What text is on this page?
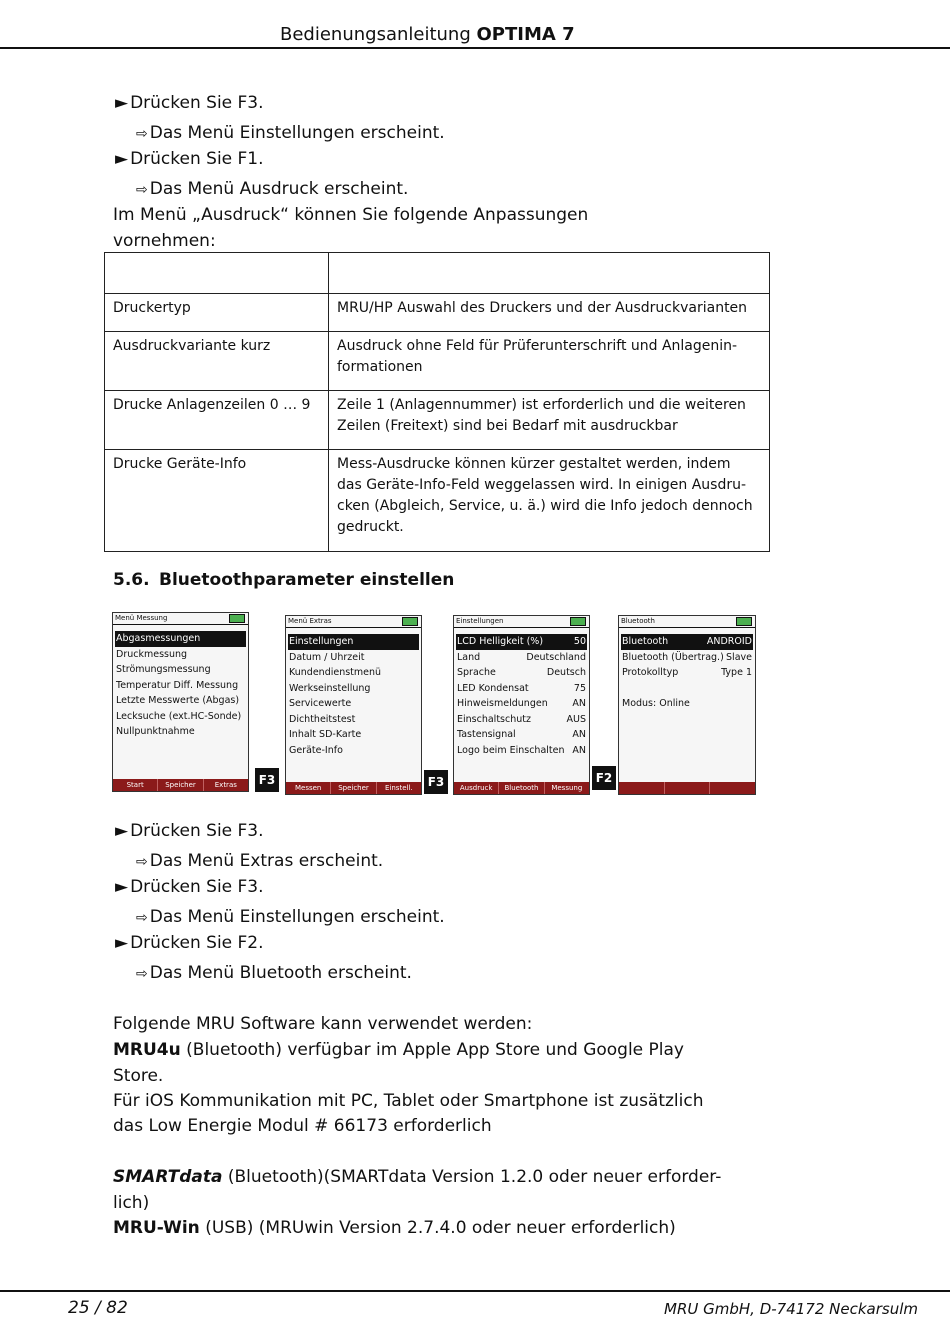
Bedienungsanleitung OPTIMA 7
► Drücken Sie F3.
⇨ Das Menü Einstellungen erscheint.
► Drücken Sie F1.
⇨ Das Menü Ausdruck erscheint.
Im Menü „Ausdruck“ können Sie folgende Anpassungen
vornehmen:

Druckertyp	MRU/HP Auswahl des Druckers und der Ausdruckvarianten

Ausdruckvariante kurz	Ausdruck ohne Feld für Prüferunterschrift und Anlagenin-
formationen

Drucke Anlagenzeilen 0 … 9	Zeile 1 (Anlagennummer) ist erforderlich und die weiteren
Zeilen (Freitext) sind bei Bedarf mit ausdruckbar

Drucke Geräte-Info	Mess-Ausdrucke können kürzer gestaltet werden, indem
das Geräte-Info-Feld weggelassen wird. In einigen Ausdru-
cken (Abgleich, Service, u. ä.) wird die Info jedoch dennoch
gedruckt.
5.6. Bluetoothparameter einstellen
Menü Messung
Abgasmessungen
Druckmessung
Strömungsmessung
Temperatur Diff. Messung
Letzte Messwerte (Abgas)
Lecksuche (ext.HC-Sonde)
Nullpunktnahme
Start	Speicher	Extras	F3
Menü Extras
Einstellungen
Datum / Uhrzeit
Kundendienstmenü
Werkseinstellung
Servicewerte
Dichtheitstest
Inhalt SD-Karte
Geräte-Info
Messen	Speicher	Einstell.	F3
Einstellungen
LCD Helligkeit (%)	50
Land	Deutschland
Sprache	Deutsch
LED Kondensat	75
Hinweismeldungen	AN
Einschaltschutz	AUS
Tastensignal	AN
Logo beim Einschalten AN
Ausdruck	Bluetooth	Messung
F2
Bluetooth
Bluetooth	ANDROID
Bluetooth (Übertrag.) Slave
Protokolltyp	Type 1
Modus: Online
► Drücken Sie F3.
⇨ Das Menü Extras erscheint.
► Drücken Sie F3.
⇨ Das Menü Einstellungen erscheint.
► Drücken Sie F2.
⇨ Das Menü Bluetooth erscheint.
Folgende MRU Software kann verwendet werden:
MRU4u (Bluetooth) verfügbar im Apple App Store und Google Play
Store.
Für iOS Kommunikation mit PC, Tablet oder Smartphone ist zusätzlich
das Low Energie Modul # 66173 erforderlich
SMARTdata (Bluetooth)(SMARTdata Version 1.2.0 oder neuer erforder-
lich)
MRU-Win (USB) (MRUwin Version 2.7.4.0 oder neuer erforderlich)
25 / 82	MRU GmbH, D-74172 Neckarsulm
